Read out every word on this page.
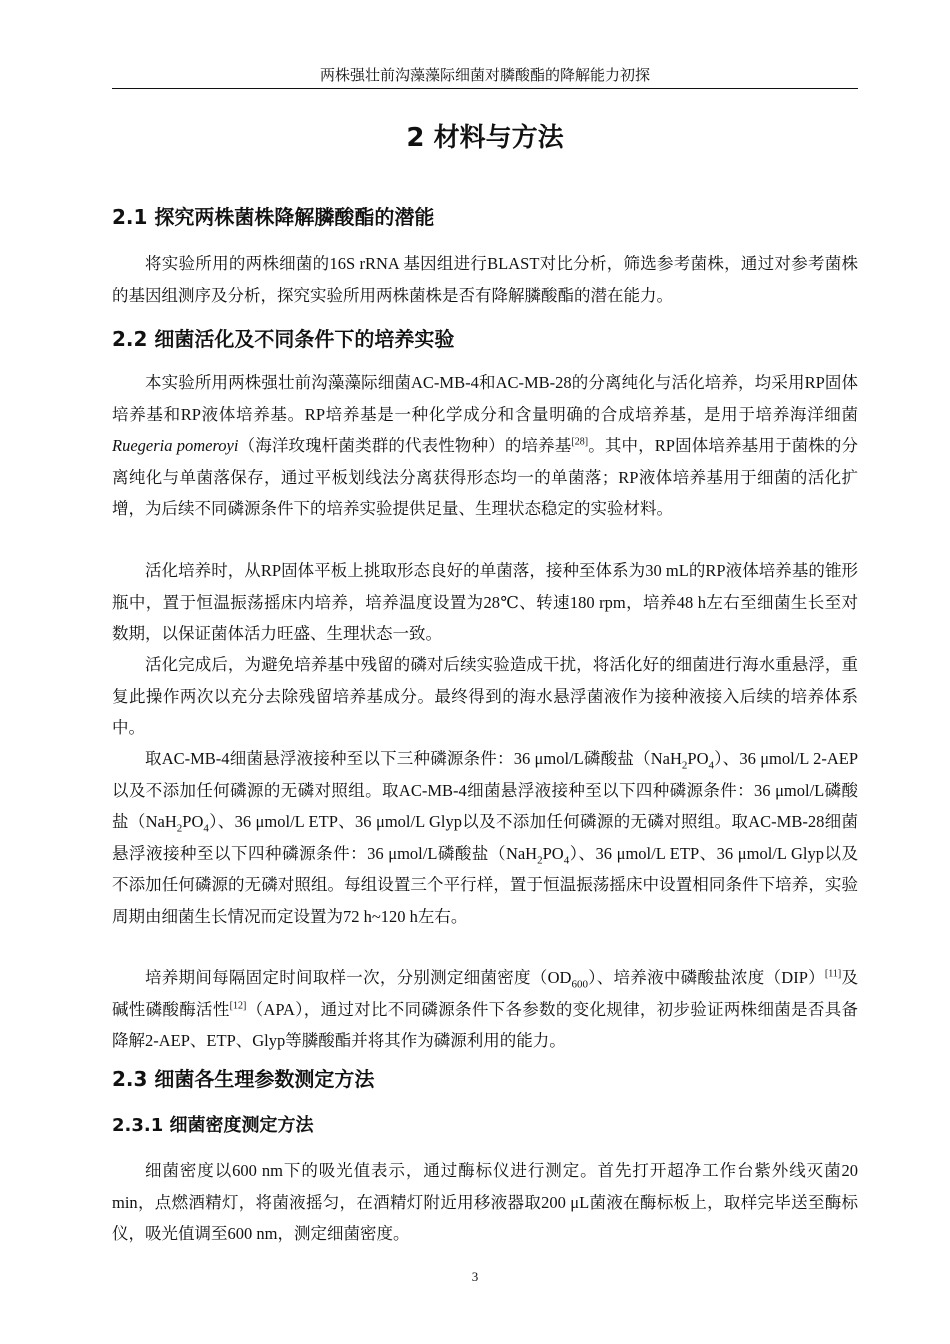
两株强壮前沟藻藻际细菌对膦酸酯的降解能力初探
2 材料与方法
2.1 探究两株菌株降解膦酸酯的潜能
将实验所用的两株细菌的16S rRNA 基因组进行BLAST对比分析，筛选参考菌株，通过对参考菌株的基因组测序及分析，探究实验所用两株菌株是否有降解膦酸酯的潜在能力。
2.2 细菌活化及不同条件下的培养实验
本实验所用两株强壮前沟藻藻际细菌AC-MB-4和AC-MB-28的分离纯化与活化培养，均采用RP固体培养基和RP液体培养基。RP培养基是一种化学成分和含量明确的合成培养基，是用于培养海洋细菌 Ruegeria pomeroyi（海洋玫瑰杆菌类群的代表性物种）的培养基[28]。其中，RP固体培养基用于菌株的分离纯化与单菌落保存，通过平板划线法分离获得形态均一的单菌落；RP液体培养基用于细菌的活化扩增，为后续不同磷源条件下的培养实验提供足量、生理状态稳定的实验材料。
活化培养时，从RP固体平板上挑取形态良好的单菌落，接种至体系为30 mL的RP液体培养基的锥形瓶中，置于恒温振荡摇床内培养，培养温度设置为28℃、转速180 rpm，培养48 h左右至细菌生长至对数期，以保证菌体活力旺盛、生理状态一致。
活化完成后，为避免培养基中残留的磷对后续实验造成干扰，将活化好的细菌进行海水重悬浮，重复此操作两次以充分去除残留培养基成分。最终得到的海水悬浮菌液作为接种液接入后续的培养体系中。
取AC-MB-4细菌悬浮液接种至以下三种磷源条件：36 μmol/L磷酸盐$(NaH_2PO_4)$、36 μmol/L 2-AEP以及不添加任何磷源的无磷对照组。取AC-MB-4细菌悬浮液接种至以下四种磷源条件：36 μmol/L磷酸盐$(NaH_2PO_4)$、36 μmol/L ETP、36 μmol/L Glyp以及不添加任何磷源的无磷对照组。取AC-MB-28细菌悬浮液接种至以下四种磷源条件：36 μmol/L磷酸盐$(NaH_2PO_4)$、36 μmol/L ETP、36 μmol/L Glyp以及不添加任何磷源的无磷对照组。每组设置三个平行样，置于恒温振荡摇床中设置相同条件下培养，实验周期由细菌生长情况而定设置为72 h~120 h左右。
培养期间每隔固定时间取样一次，分别测定细菌密度$(OD_{600})$、培养液中磷酸盐浓度（DIP）[11]及碱性磷酸酶活性[12]（APA），通过对比不同磷源条件下各参数的变化规律，初步验证两株细菌是否具备降解2-AEP、ETP、Glyp等膦酸酯并将其作为磷源利用的能力。
2.3 细菌各生理参数测定方法
2.3.1 细菌密度测定方法
细菌密度以600 nm下的吸光值表示，通过酶标仪进行测定。首先打开超净工作台紫外线灭菌20 min，点燃酒精灯，将菌液摇匀，在酒精灯附近用移液器取200 μL菌液在酶标板上，取样完毕送至酶标仪，吸光值调至600 nm，测定细菌密度。
3
